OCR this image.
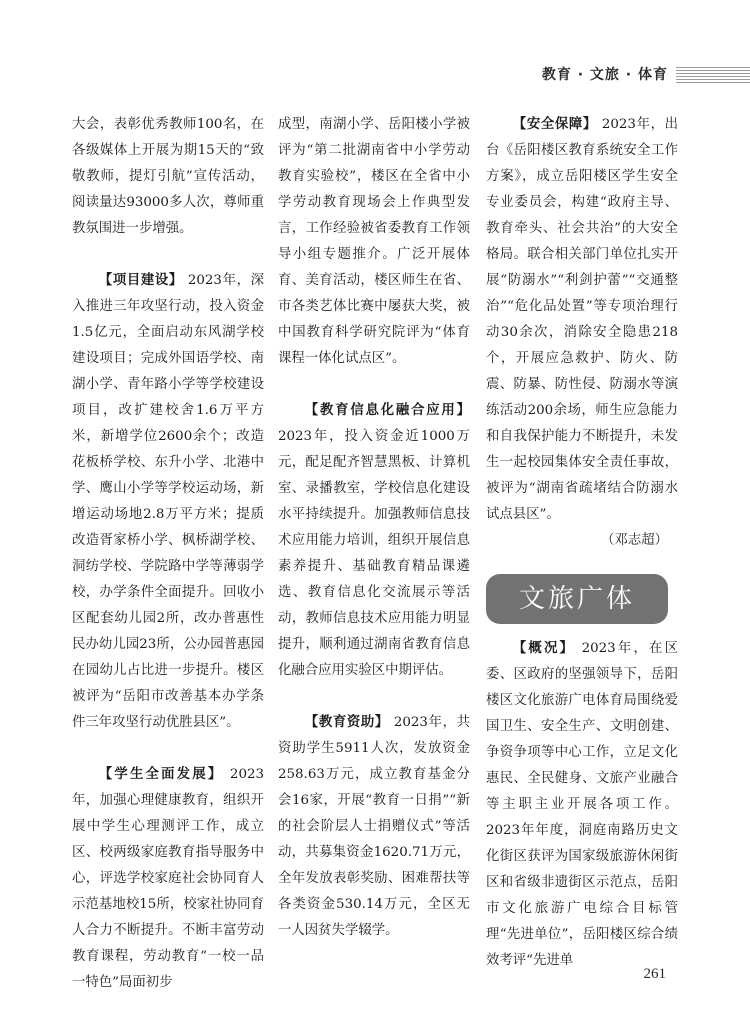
教育 · 文旅 · 体育

大会，表彰优秀教师100名，在各级媒体上开展为期15天的“致敬教师，提灯引航”宣传活动，阅读量达93000多人次，尊师重教氛围进一步增强。

【项目建设】 2023年，深入推进三年攻坚行动，投入资金1.5亿元，全面启动东风湖学校建设项目；完成外国语学校、南湖小学、青年路小学等学校建设项目，改扩建校舍1.6万平方米，新增学位2600余个；改造花板桥学校、东升小学、北港中学、鹰山小学等学校运动场，新增运动场地2.8万平方米；提质改造胥家桥小学、枫桥湖学校、洞纺学校、学院路中学等薄弱学校，办学条件全面提升。回收小区配套幼儿园2所，改办普惠性民办幼儿园23所，公办园普惠园在园幼儿占比进一步提升。楼区被评为“岳阳市改善基本办学条件三年攻坚行动优胜县区”。

【学生全面发展】 2023年，加强心理健康教育，组织开展中学生心理测评工作，成立区、校两级家庭教育指导服务中心，评选学校家庭社会协同育人示范基地校15所，校家社协同育人合力不断提升。不断丰富劳动教育课程，劳动教育“一校一品一特色”局面初步

成型，南湖小学、岳阳楼小学被评为“第二批湖南省中小学劳动教育实验校”，楼区在全省中小学劳动教育现场会上作典型发言，工作经验被省委教育工作领导小组专题推介。广泛开展体育、美育活动，楼区师生在省、市各类艺体比赛中屡获大奖，被中国教育科学研究院评为“体育课程一体化试点区”。

【教育信息化融合应用】 2023年，投入资金近1000万元，配足配齐智慧黑板、计算机室、录播教室，学校信息化建设水平持续提升。加强教师信息技术应用能力培训，组织开展信息素养提升、基础教育精品课遴选、教育信息化交流展示等活动，教师信息技术应用能力明显提升，顺利通过湖南省教育信息化融合应用实验区中期评估。

【教育资助】 2023年，共资助学生5911人次，发放资金258.63万元，成立教育基金分会16家，开展“教育一日捐”“新的社会阶层人士捐赠仪式”等活动，共募集资金1620.71万元，全年发放表彰奖励、困难帮扶等各类资金530.14万元，全区无一人因贫失学辍学。

【安全保障】 2023年，出台《岳阳楼区教育系统安全工作方案》，成立岳阳楼区学生安全专业委员会，构建“政府主导、教育牵头、社会共治”的大安全格局。联合相关部门单位扎实开展“防溺水”“利剑护蕾”“交通整治”“危化品处置”等专项治理行动30余次，消除安全隐患218个，开展应急救护、防火、防震、防暴、防性侵、防溺水等演练活动200余场，师生应急能力和自我保护能力不断提升，未发生一起校园集体安全责任事故，被评为“湖南省疏堵结合防溺水试点县区”。

（邓志超）

文旅广体

【概况】 2023年，在区委、区政府的坚强领导下，岳阳楼区文化旅游广电体育局围绕爱国卫生、安全生产、文明创建、争资争项等中心工作，立足文化惠民、全民健身、文旅产业融合等主职主业开展各项工作。2023年年度，洞庭南路历史文化街区获评为国家级旅游休闲街区和省级非遗街区示范点，岳阳市文化旅游广电综合目标管理“先进单位”，岳阳楼区综合绩效考评“先进单

261
